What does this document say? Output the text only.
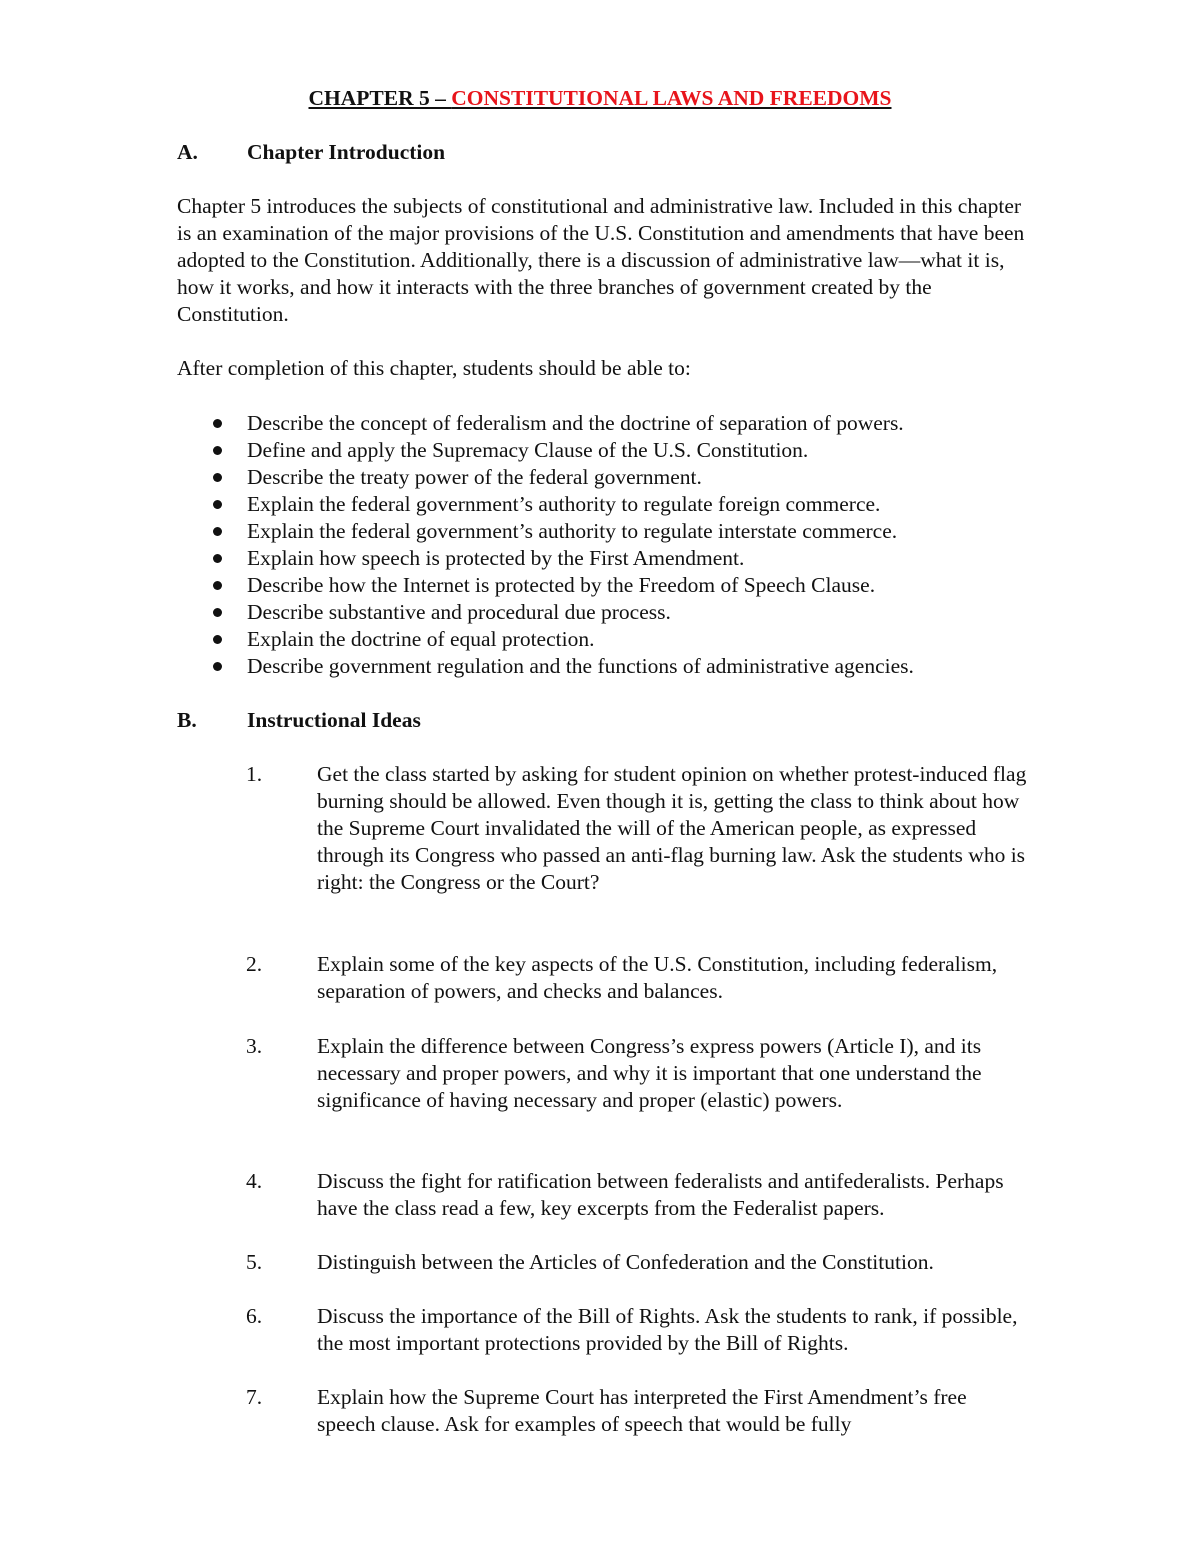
CHAPTER 5 – CONSTITUTIONAL LAWS AND FREEDOMS
A. Chapter Introduction
Chapter 5 introduces the subjects of constitutional and administrative law. Included in this chapter is an examination of the major provisions of the U.S. Constitution and amendments that have been adopted to the Constitution. Additionally, there is a discussion of administrative law—what it is, how it works, and how it interacts with the three branches of government created by the Constitution.
After completion of this chapter, students should be able to:
Describe the concept of federalism and the doctrine of separation of powers.
Define and apply the Supremacy Clause of the U.S. Constitution.
Describe the treaty power of the federal government.
Explain the federal government’s authority to regulate foreign commerce.
Explain the federal government’s authority to regulate interstate commerce.
Explain how speech is protected by the First Amendment.
Describe how the Internet is protected by the Freedom of Speech Clause.
Describe substantive and procedural due process.
Explain the doctrine of equal protection.
Describe government regulation and the functions of administrative agencies.
B. Instructional Ideas
1.	Get the class started by asking for student opinion on whether protest-induced flag burning should be allowed. Even though it is, getting the class to think about how the Supreme Court invalidated the will of the American people, as expressed through its Congress who passed an anti-flag burning law. Ask the students who is right: the Congress or the Court?
2.	Explain some of the key aspects of the U.S. Constitution, including federalism, separation of powers, and checks and balances.
3.	Explain the difference between Congress’s express powers (Article I), and its necessary and proper powers, and why it is important that one understand the significance of having necessary and proper (elastic) powers.
4.	Discuss the fight for ratification between federalists and antifederalists. Perhaps have the class read a few, key excerpts from the Federalist papers.
5.	Distinguish between the Articles of Confederation and the Constitution.
6.	Discuss the importance of the Bill of Rights. Ask the students to rank, if possible, the most important protections provided by the Bill of Rights.
7.	Explain how the Supreme Court has interpreted the First Amendment’s free speech clause. Ask for examples of speech that would be fully
